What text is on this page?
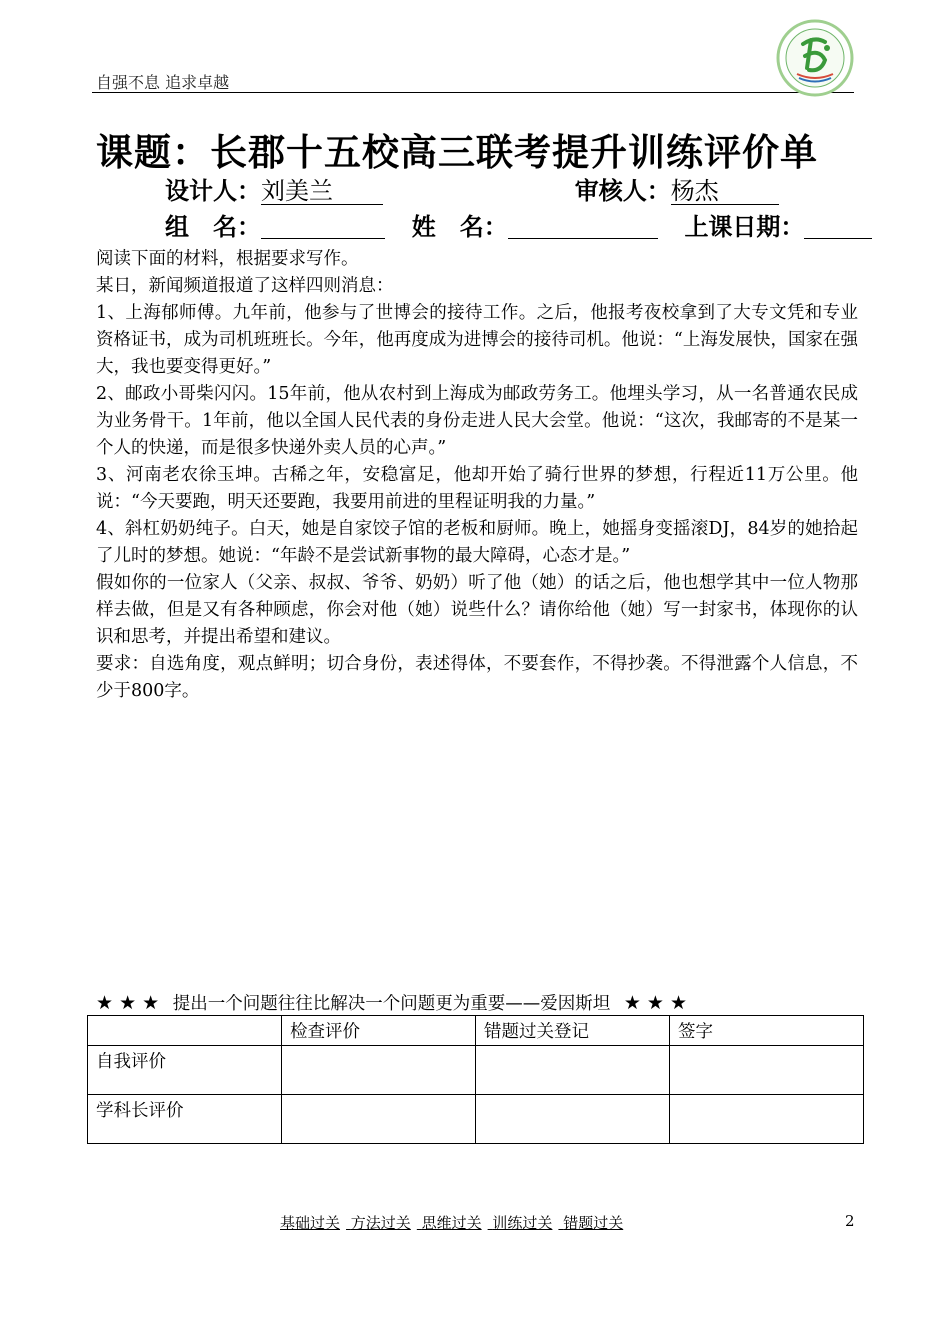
自强不息 追求卓越
课题：长郡十五校高三联考提升训练评价单
设计人：刘美兰	审核人：杨杰
组　名：	姓　名：	上课日期：

阅读下面的材料，根据要求写作。

某日，新闻频道报道了这样四则消息：

1、上海郁师傅。九年前，他参与了世博会的接待工作。之后，他报考夜校拿到了大专文凭和专业资格证书，成为司机班班长。今年，他再度成为进博会的接待司机。他说：“上海发展快，国家在强大，我也要变得更好。”

2、邮政小哥柴闪闪。15年前，他从农村到上海成为邮政劳务工。他埋头学习，从一名普通农民成为业务骨干。1年前，他以全国人民代表的身份走进人民大会堂。他说：“这次，我邮寄的不是某一个人的快递，而是很多快递外卖人员的心声。”

3、河南老农徐玉坤。古稀之年，安稳富足，他却开始了骑行世界的梦想，行程近11万公里。他说：“今天要跑，明天还要跑，我要用前进的里程证明我的力量。”

4、斜杠奶奶纯子。白天，她是自家饺子馆的老板和厨师。晚上，她摇身变摇滚DJ，84岁的她拾起了儿时的梦想。她说：“年龄不是尝试新事物的最大障碍，心态才是。”

假如你的一位家人（父亲、叔叔、爷爷、奶奶）听了他（她）的话之后，他也想学其中一位人物那样去做，但是又有各种顾虑，你会对他（她）说些什么？请你给他（她）写一封家书，体现你的认识和思考，并提出希望和建议。

要求：自选角度，观点鲜明；切合身份，表述得体，不要套作，不得抄袭。不得泄露个人信息，不少于800字。

★ ★ ★ 提出一个问题往往比解决一个问题更为重要——爱因斯坦 ★ ★ ★
	检查评价	错题过关登记	签字
自我评价			
学科长评价			
基础过关 方法过关 思维过关 训练过关 错题过关	2
